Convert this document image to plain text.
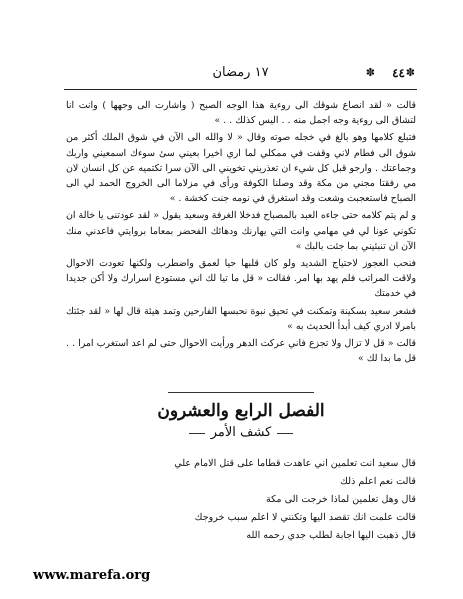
✽
٤٤
✽
١٧ رمضان

قالت « لقد انصاع شوقك الى روءية هذا الوجه الصبح ( واشارت الى وجهها ) وانت انا لتشاق الى روءية وجه اجمل منه . . الیس كذلك . . »

فتبلع كلامها وهو بالغ في خجله صوته وقال « لا والله الى الآن في شوق الملك أكثر من شوق الى فطام لاني وقفت في ممكلي لما اري اخيرا بعيني سئ سوءك اسمعيني واربك وجماعتك . وارجو قبل كل شيء ان تعذريني تخويني الى الآن سرا تكتميه عن كل انسان لان مي رفقتا مجني من مكة وقد وصلنا الكوفة ورأى في مزلاما الى الخروج الحمد لي الى الصباح فاستعجبت وشعت وقد استغرق في نومه جنت كخشة . »

و لم يتم كلامه حتى جاءه العبد بالمصباح فدخلا الغرفة وسعيد يقول « لقد عودتنى يا خالة ان تكوني عونا لي في مهامي وانت التي يهارنك ودهائك الفحضر بمعاما بروايتي فاعدني منك الآن ان تنبئيني بما جئت بالبك »

فنحب العجوز لاحتياج الشديد ولو كان قلبها حيا لعمق واضطرب ولكنها تعودت الاحوال ولاقت المراتب فلم يهد بها امر. فقالت « قل ما تيا لك اني مستودع اسرارك ولا أكن جديدا في خدمتك

فشعر سعيد بسكينة وتمكنت في تحيق نبوة نحبسها الفارحين وتمد هيئة قال لها « لقد جئتك بامرلا ادري كيف أبدأ الحديث به »

قالت « قل لا تزال ولا تجزع فاني عركت الدهر ورأيت الاحوال حتى لم اعد استغرب امرا . . قل ما بدا لك »

الفصل الرابع والعشرون
كشف الأمر

قال سعيد انت تعلمين اني عاهدت قطاما على قتل الامام علي

قالت نعم اعلم ذلك

قال وهل تعلمين لماذا خرجت الى مكة

قالت علمت انك تقصد اليها وتكنني لا اعلم سبب خروجك

قال ذهبت اليها اجابة لطلب جدي رحمه الله

www.marefa.org
